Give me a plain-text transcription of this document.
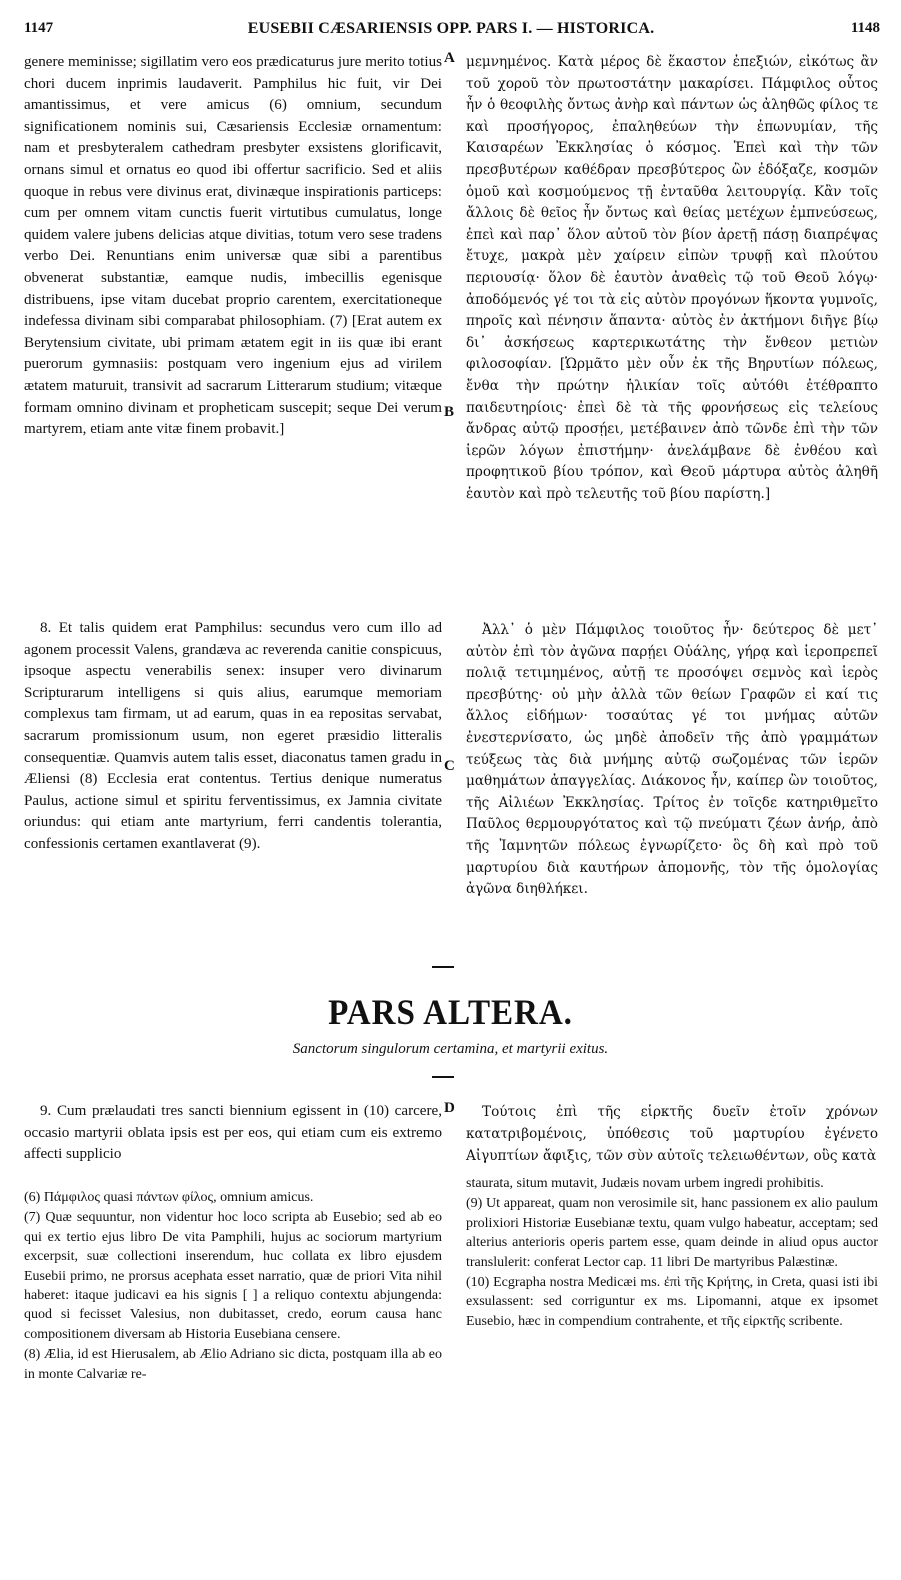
1147	EUSEBII CÆSARIENSIS OPP. PARS I. — HISTORICA.	1148
A
B
C
D

genere meminisse; sigillatim vero eos prædicaturus jure merito totius chori ducem inprimis laudaverit. Pamphilus hic fuit, vir Dei amantissimus, et vere amicus (6) omnium, secundum significationem nominis sui, Cæsariensis Ecclesiæ ornamentum: nam et presbyteralem cathedram presbyter exsistens glorificavit, ornans simul et ornatus eo quod ibi offertur sacrificio. Sed et aliis quoque in rebus vere divinus erat, divinæque inspirationis particeps: cum per omnem vitam cunctis fuerit virtutibus cumulatus, longe quidem valere jubens delicias atque divitias, totum vero sese tradens verbo Dei. Renuntians enim universæ quæ sibi a parentibus obvenerat substantiæ, eamque nudis, imbecillis egenisque distribuens, ipse vitam ducebat proprio carentem, exercitationeque indefessa divinam sibi comparabat philosophiam. (7) [Erat autem ex Berytensium civitate, ubi primam ætatem egit in iis quæ ibi erant puerorum gymnasiis: postquam vero ingenium ejus ad virilem ætatem maturuit, transivit ad sacrarum Litterarum studium; vitæque formam omnino divinam et propheticam suscepit; seque Dei verum martyrem, etiam ante vitæ finem probavit.]

μεμνημένος. Κατὰ μέρος δὲ ἕκαστον ἐπεξιών, εἰκότως ἂν τοῦ χοροῦ τὸν πρωτοστάτην μακαρίσει. Πάμφιλος οὗτος ἦν ὁ θεοφιλὴς ὄντως ἀνὴρ καὶ πάντων ὡς ἀληθῶς φίλος τε καὶ προσήγορος, ἐπαληθεύων τὴν ἐπωνυμίαν, τῆς Καισαρέων Ἐκκλησίας ὁ κόσμος. Ἐπεὶ καὶ τὴν τῶν πρεσβυτέρων καθέδραν πρεσβύτερος ὢν ἐδόξαζε, κοσμῶν ὁμοῦ καὶ κοσμούμενος τῇ ἐνταῦθα λειτουργίᾳ. Κἂν τοῖς ἄλλοις δὲ θεῖος ἦν ὄντως καὶ θείας μετέχων ἐμπνεύσεως, ἐπεὶ καὶ παρ᾽ ὅλον αὐτοῦ τὸν βίον ἀρετῇ πάσῃ διαπρέψας ἔτυχε, μακρὰ μὲν χαίρειν εἰπὼν τρυφῇ καὶ πλούτου περιουσίᾳ· ὅλον δὲ ἑαυτὸν ἀναθεὶς τῷ τοῦ Θεοῦ λόγῳ· ἀποδόμενός γέ τοι τὰ εἰς αὐτὸν προγόνων ἥκοντα γυμνοῖς, πηροῖς καὶ πένησιν ἅπαντα· αὐτὸς ἐν ἀκτήμονι διῆγε βίῳ δι᾽ ἀσκήσεως καρτερικωτάτης τὴν ἔνθεον μετιὼν φιλοσοφίαν. [Ὡρμᾶτο μὲν οὖν ἐκ τῆς Βηρυτίων πόλεως, ἔνθα τὴν πρώτην ἡλικίαν τοῖς αὐτόθι ἐτέθραπτο παιδευτηρίοις· ἐπεὶ δὲ τὰ τῆς φρονήσεως εἰς τελείους ἄνδρας αὐτῷ προσῄει, μετέβαινεν ἀπὸ τῶνδε ἐπὶ τὴν τῶν ἱερῶν λόγων ἐπιστήμην· ἀνελάμβανε δὲ ἐνθέου καὶ προφητικοῦ βίου τρόπον, καὶ Θεοῦ μάρτυρα αὐτὸς ἀληθῆ ἑαυτὸν καὶ πρὸ τελευτῆς τοῦ βίου παρίστη.]

8. Et talis quidem erat Pamphilus: secundus vero cum illo ad agonem processit Valens, grandæva ac reverenda canitie conspicuus, ipsoque aspectu venerabilis senex: insuper vero divinarum Scripturarum intelligens si quis alius, earumque memoriam complexus tam firmam, ut ad earum, quas in ea repositas servabat, sacrarum promissionum usum, non egeret præsidio litteralis consequentiæ. Quamvis autem talis esset, diaconatus tamen gradu in Æliensi (8) Ecclesia erat contentus. Tertius denique numeratus Paulus, actione simul et spiritu ferventissimus, ex Jamnia civitate oriundus: qui etiam ante martyrium, ferri candentis tolerantia, confessionis certamen exantlaverat (9).

Ἀλλ᾽ ὁ μὲν Πάμφιλος τοιοῦτος ἦν· δεύτερος δὲ μετ᾽ αὐτὸν ἐπὶ τὸν ἀγῶνα παρῄει Οὐάλης, γήρᾳ καὶ ἱεροπρεπεῖ πολιᾷ τετιμημένος, αὐτῇ τε προσόψει σεμνὸς καὶ ἱερὸς πρεσβύτης· οὐ μὴν ἀλλὰ τῶν θείων Γραφῶν εἰ καί τις ἄλλος εἰδήμων· τοσαύτας γέ τοι μνήμας αὐτῶν ἐνεστερνίσατο, ὡς μηδὲ ἀποδεῖν τῆς ἀπὸ γραμμάτων τεύξεως τὰς διὰ μνήμης αὐτῷ σωζομένας τῶν ἱερῶν μαθημάτων ἀπαγγελίας. Διάκονος ἦν, καίπερ ὢν τοιοῦτος, τῆς Αἰλιέων Ἐκκλησίας. Τρίτος ἐν τοῖςδε κατηριθμεῖτο Παῦλος θερμουργότατος καὶ τῷ πνεύματι ζέων ἀνήρ, ἀπὸ τῆς Ἰαμνητῶν πόλεως ἐγνωρίζετο· ὃς δὴ καὶ πρὸ τοῦ μαρτυρίου διὰ καυτήρων ἀπομονῆς, τὸν τῆς ὁμολογίας ἀγῶνα διηθλήκει.

PARS ALTERA.
Sanctorum singulorum certamina, et martyrii exitus.

9. Cum prælaudati tres sancti biennium egissent in (10) carcere, occasio martyrii oblata ipsis est per eos, qui etiam cum eis extremo affecti supplicio

Τούτοις ἐπὶ τῆς εἱρκτῆς δυεῖν ἐτοῖν χρόνων κατατριβομένοις, ὑπόθεσις τοῦ μαρτυρίου ἐγένετο Αἰγυπτίων ἄφιξις, τῶν σὺν αὐτοῖς τελειωθέντων, οὓς κατὰ

(6) Πάμφιλος quasi πάντων φίλος, omnium amicus.

(7) Quæ sequuntur, non videntur hoc loco scripta ab Eusebio; sed ab eo qui ex tertio ejus libro De vita Pamphili, hujus ac sociorum martyrium excerpsit, suæ collectioni inserendum, huc collata ex libro ejusdem Eusebii primo, ne prorsus acephata esset narratio, quæ de priori Vita nihil haberet: itaque judicavi ea his signis [ ] a reliquo contextu abjungenda: quod si fecisset Valesius, non dubitasset, credo, eorum causa hanc compositionem diversam ab Historia Eusebiana censere.

(8) Ælia, id est Hierusalem, ab Ælio Adriano sic dicta, postquam illa ab eo in monte Calvariæ re-

staurata, situm mutavit, Judæis novam urbem ingredi prohibitis.

(9) Ut appareat, quam non verosimile sit, hanc passionem ex alio paulum prolixiori Historiæ Eusebianæ textu, quam vulgo habeatur, acceptam; sed alterius anterioris operis partem esse, quam deinde in aliud opus auctor translulerit: conferat Lector cap. 11 libri De martyribus Palæstinæ.

(10) Ecgrapha nostra Medicæi ms. ἐπὶ τῆς Κρήτης, in Creta, quasi isti ibi exsulassent: sed corriguntur ex ms. Lipomanni, atque ex ipsomet Eusebio, hæc in compendium contrahente, et τῆς εἱρκτῆς scribente.
